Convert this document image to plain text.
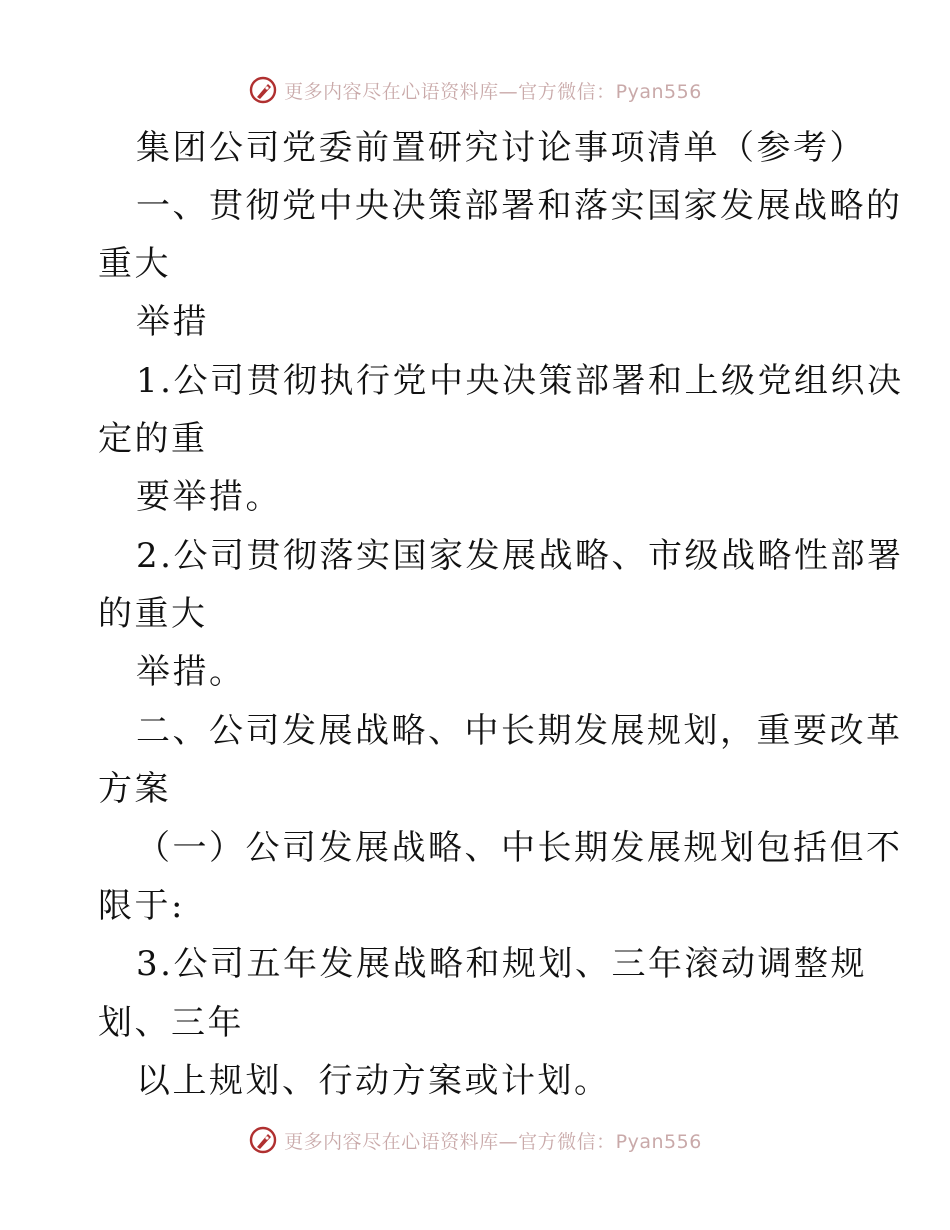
更多内容尽在心语资料库—官方微信：Pyan556

集团公司党委前置研究讨论事项清单（参考）

一、贯彻党中央决策部署和落实国家发展战略的

重大

举措

1.公司贯彻执行党中央决策部署和上级党组织决

定的重

要举措。

2.公司贯彻落实国家发展战略、市级战略性部署

的重大

举措。

二、公司发展战略、中长期发展规划，重要改革

方案

（一）公司发展战略、中长期发展规划包括但不

限于:

3.公司五年发展战略和规划、三年滚动调整规

划、三年

以上规划、行动方案或计划。

更多内容尽在心语资料库—官方微信：Pyan556
